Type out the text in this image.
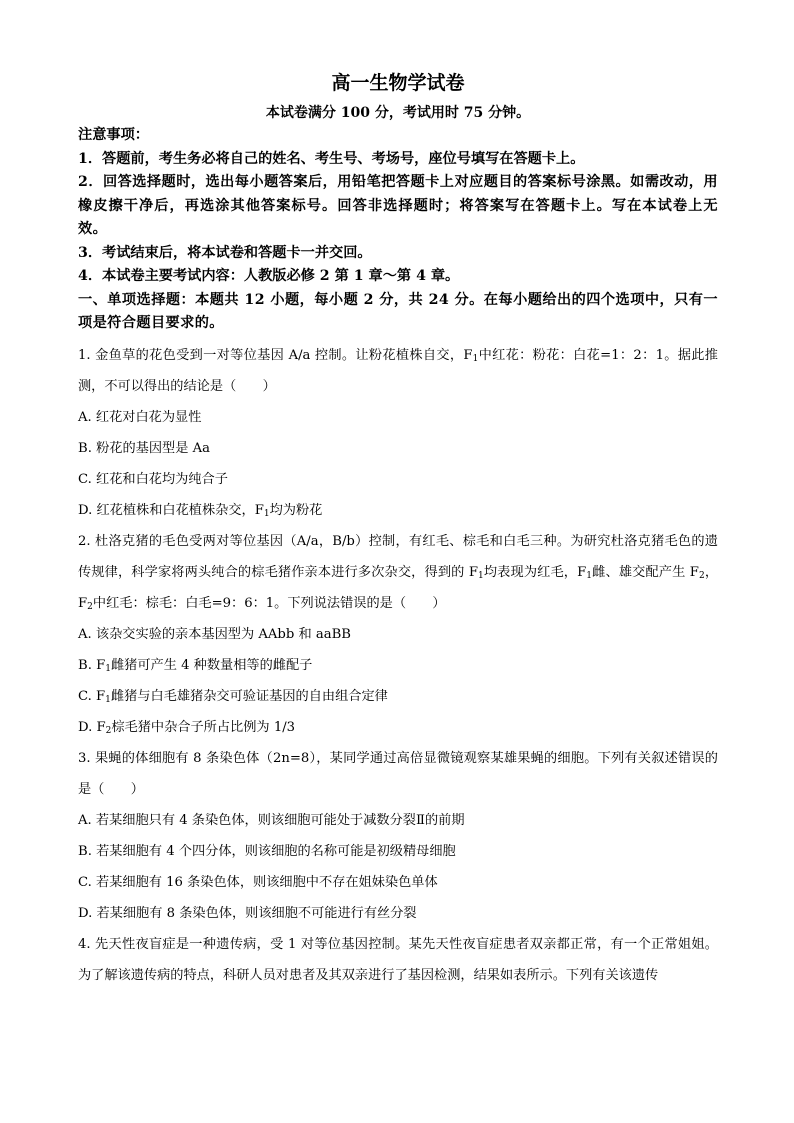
高一生物学试卷
本试卷满分 100 分，考试用时 75 分钟。
注意事项：
1．答题前，考生务必将自己的姓名、考生号、考场号，座位号填写在答题卡上。
2．回答选择题时，选出每小题答案后，用铅笔把答题卡上对应题目的答案标号涂黑。如需改动，用橡皮擦干净后，再选涂其他答案标号。回答非选择题时；将答案写在答题卡上。写在本试卷上无效。
3．考试结束后，将本试卷和答题卡一并交回。
4．本试卷主要考试内容：人教版必修 2 第 1 章～第 4 章。
一、单项选择题：本题共 12 小题，每小题 2 分，共 24 分。在每小题给出的四个选项中，只有一项是符合题目要求的。
1. 金鱼草的花色受到一对等位基因 A/a 控制。让粉花植株自交，$F_1$中红花：粉花：白花=1：2：1。据此推测，不可以得出的结论是（　　）
A. 红花对白花为显性
B. 粉花的基因型是 Aa
C. 红花和白花均为纯合子
D. 红花植株和白花植株杂交，$F_1$均为粉花
2. 杜洛克猪的毛色受两对等位基因（A/a，B/b）控制，有红毛、棕毛和白毛三种。为研究杜洛克猪毛色的遗传规律，科学家将两头纯合的棕毛猪作亲本进行多次杂交，得到的 $F_1$均表现为红毛，$F_1$雌、雄交配产生 $F_2$，$F_2$中红毛：棕毛：白毛=9：6：1。下列说法错误的是（　　）
A. 该杂交实验的亲本基因型为 AAbb 和 aaBB
B. $F_1$雌猪可产生 4 种数量相等的雌配子
C. $F_1$雌猪与白毛雄猪杂交可验证基因的自由组合定律
D. $F_2$棕毛猪中杂合子所占比例为 1/3
3. 果蝇的体细胞有 8 条染色体（2n=8），某同学通过高倍显微镜观察某雄果蝇的细胞。下列有关叙述错误的是（　　）
A. 若某细胞只有 4 条染色体，则该细胞可能处于减数分裂Ⅱ的前期
B. 若某细胞有 4 个四分体，则该细胞的名称可能是初级精母细胞
C. 若某细胞有 16 条染色体，则该细胞中不存在姐妹染色单体
D. 若某细胞有 8 条染色体，则该细胞不可能进行有丝分裂
4. 先天性夜盲症是一种遗传病，受 1 对等位基因控制。某先天性夜盲症患者双亲都正常，有一个正常姐姐。为了解该遗传病的特点，科研人员对患者及其双亲进行了基因检测，结果如表所示。下列有关该遗传
